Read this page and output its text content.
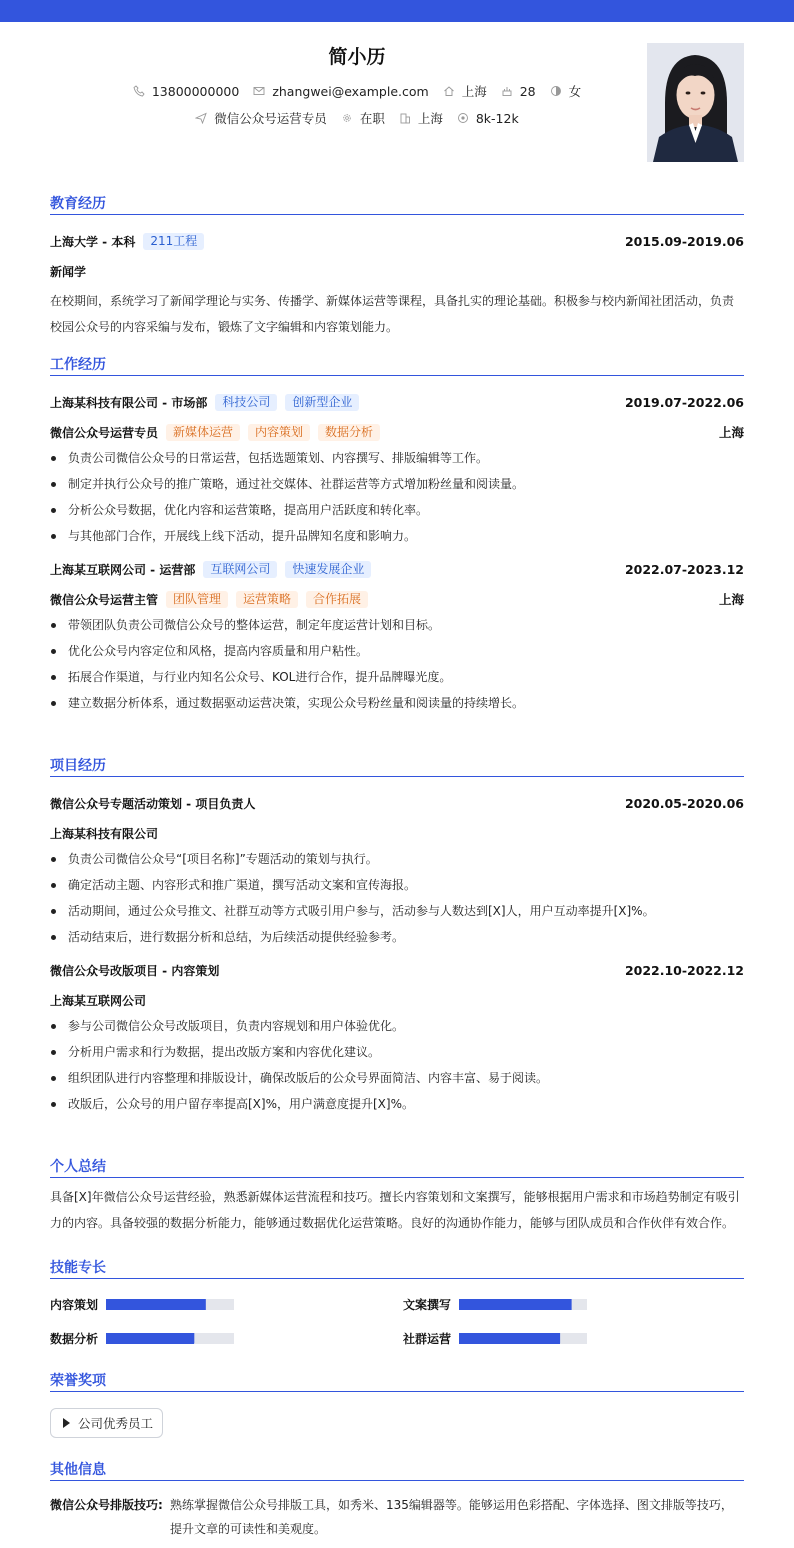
简小历
13800000000	zhangwei@example.com	上海	28	女
微信公众号运营专员	在职	上海	8k-12k
教育经历
上海大学 - 本科	211工程	2015.09-2019.06
新闻学
在校期间，系统学习了新闻学理论与实务、传播学、新媒体运营等课程，具备扎实的理论基础。积极参与校内新闻社团活动，负责校园公众号的内容采编与发布，锻炼了文字编辑和内容策划能力。
工作经历
上海某科技有限公司 - 市场部	科技公司	创新型企业	2019.07-2022.06
微信公众号运营专员	新媒体运营	内容策划	数据分析	上海
负责公司微信公众号的日常运营，包括选题策划、内容撰写、排版编辑等工作。
制定并执行公众号的推广策略，通过社交媒体、社群运营等方式增加粉丝量和阅读量。
分析公众号数据，优化内容和运营策略，提高用户活跃度和转化率。
与其他部门合作，开展线上线下活动，提升品牌知名度和影响力。
上海某互联网公司 - 运营部	互联网公司	快速发展企业	2022.07-2023.12
微信公众号运营主管	团队管理	运营策略	合作拓展	上海
带领团队负责公司微信公众号的整体运营，制定年度运营计划和目标。
优化公众号内容定位和风格，提高内容质量和用户粘性。
拓展合作渠道，与行业内知名公众号、KOL进行合作，提升品牌曝光度。
建立数据分析体系，通过数据驱动运营决策，实现公众号粉丝量和阅读量的持续增长。
项目经历
微信公众号专题活动策划 - 项目负责人	2020.05-2020.06
上海某科技有限公司
负责公司微信公众号“[项目名称]”专题活动的策划与执行。
确定活动主题、内容形式和推广渠道，撰写活动文案和宣传海报。
活动期间，通过公众号推文、社群互动等方式吸引用户参与，活动参与人数达到[X]人，用户互动率提升[X]%。
活动结束后，进行数据分析和总结，为后续活动提供经验参考。
微信公众号改版项目 - 内容策划	2022.10-2022.12
上海某互联网公司
参与公司微信公众号改版项目，负责内容规划和用户体验优化。
分析用户需求和行为数据，提出改版方案和内容优化建议。
组织团队进行内容整理和排版设计，确保改版后的公众号界面简洁、内容丰富、易于阅读。
改版后，公众号的用户留存率提高[X]%，用户满意度提升[X]%。
个人总结
具备[X]年微信公众号运营经验，熟悉新媒体运营流程和技巧。擅长内容策划和文案撰写，能够根据用户需求和市场趋势制定有吸引力的内容。具备较强的数据分析能力，能够通过数据优化运营策略。良好的沟通协作能力，能够与团队成员和合作伙伴有效合作。
技能专长
内容策划	文案撰写
数据分析	社群运营
荣誉奖项
公司优秀员工
其他信息
微信公众号排版技巧: 熟练掌握微信公众号排版工具，如秀米、135编辑器等。能够运用色彩搭配、字体选择、图文排版等技巧，提升文章的可读性和美观度。
